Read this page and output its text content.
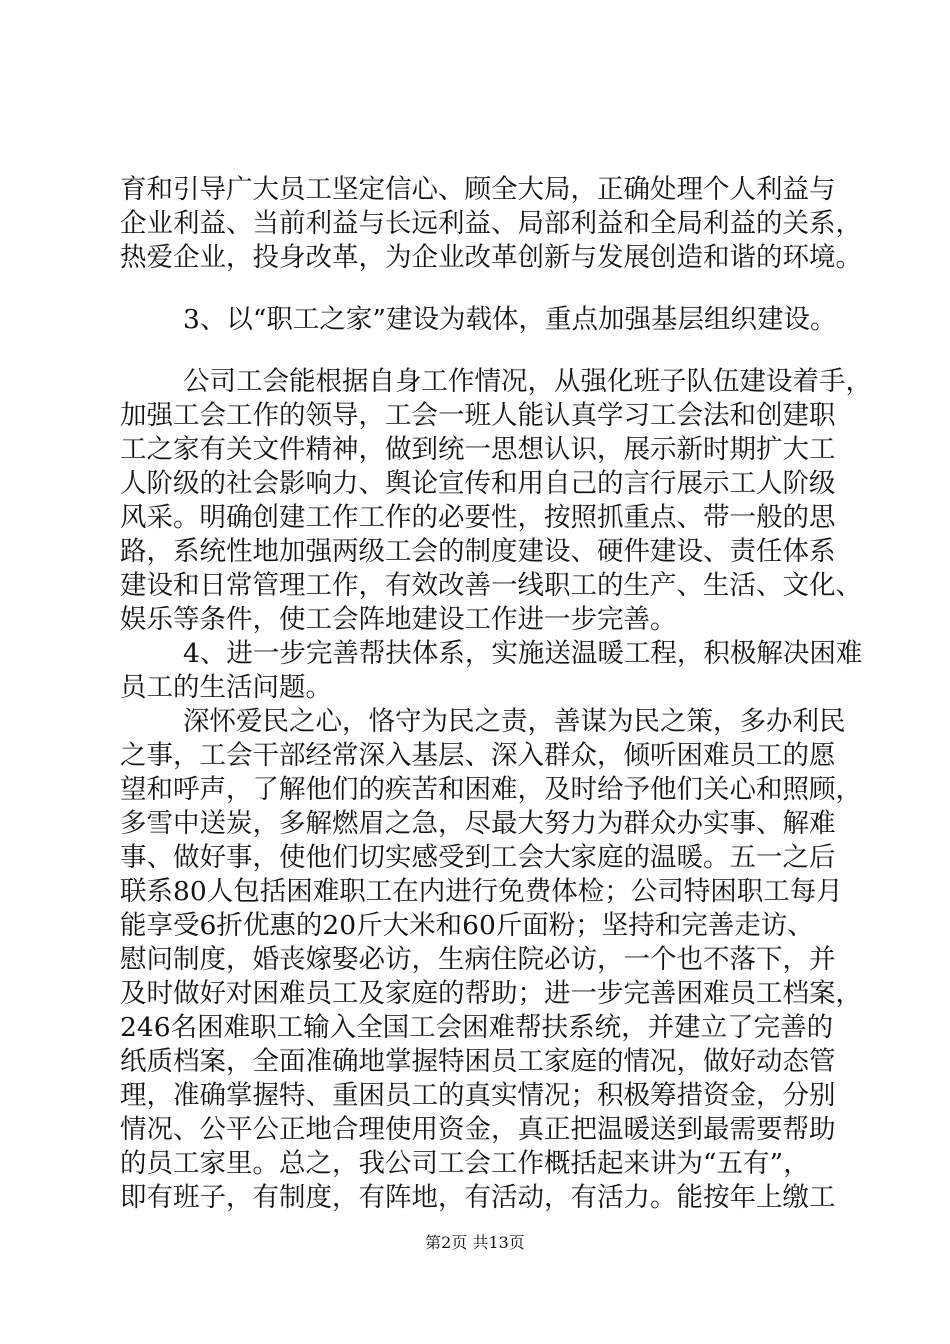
育和引导广大员工坚定信心、顾全大局，正确处理个人利益与
企业利益、当前利益与长远利益、局部利益和全局利益的关系，
热爱企业，投身改革，为企业改革创新与发展创造和谐的环境。
3、以“职工之家”建设为载体，重点加强基层组织建设。
公司工会能根据自身工作情况，从强化班子队伍建设着手，
加强工会工作的领导，工会一班人能认真学习工会法和创建职
工之家有关文件精神，做到统一思想认识，展示新时期扩大工
人阶级的社会影响力、舆论宣传和用自己的言行展示工人阶级
风采。明确创建工作工作的必要性，按照抓重点、带一般的思
路，系统性地加强两级工会的制度建设、硬件建设、责任体系
建设和日常管理工作，有效改善一线职工的生产、生活、文化、
娱乐等条件，使工会阵地建设工作进一步完善。
4、进一步完善帮扶体系，实施送温暖工程，积极解决困难
员工的生活问题。
深怀爱民之心，恪守为民之责，善谋为民之策，多办利民
之事，工会干部经常深入基层、深入群众，倾听困难员工的愿
望和呼声，了解他们的疾苦和困难，及时给予他们关心和照顾，
多雪中送炭，多解燃眉之急，尽最大努力为群众办实事、解难
事、做好事，使他们切实感受到工会大家庭的温暖。五一之后
联系80人包括困难职工在内进行免费体检；公司特困职工每月
能享受6折优惠的20斤大米和60斤面粉；坚持和完善走访、
慰问制度，婚丧嫁娶必访，生病住院必访，一个也不落下，并
及时做好对困难员工及家庭的帮助；进一步完善困难员工档案，
246名困难职工输入全国工会困难帮扶系统，并建立了完善的
纸质档案，全面准确地掌握特困员工家庭的情况，做好动态管
理，准确掌握特、重困员工的真实情况；积极筹措资金，分别
情况、公平公正地合理使用资金，真正把温暖送到最需要帮助
的员工家里。总之，我公司工会工作概括起来讲为“五有”，
即有班子，有制度，有阵地，有活动，有活力。能按年上缴工
第2页 共13页
